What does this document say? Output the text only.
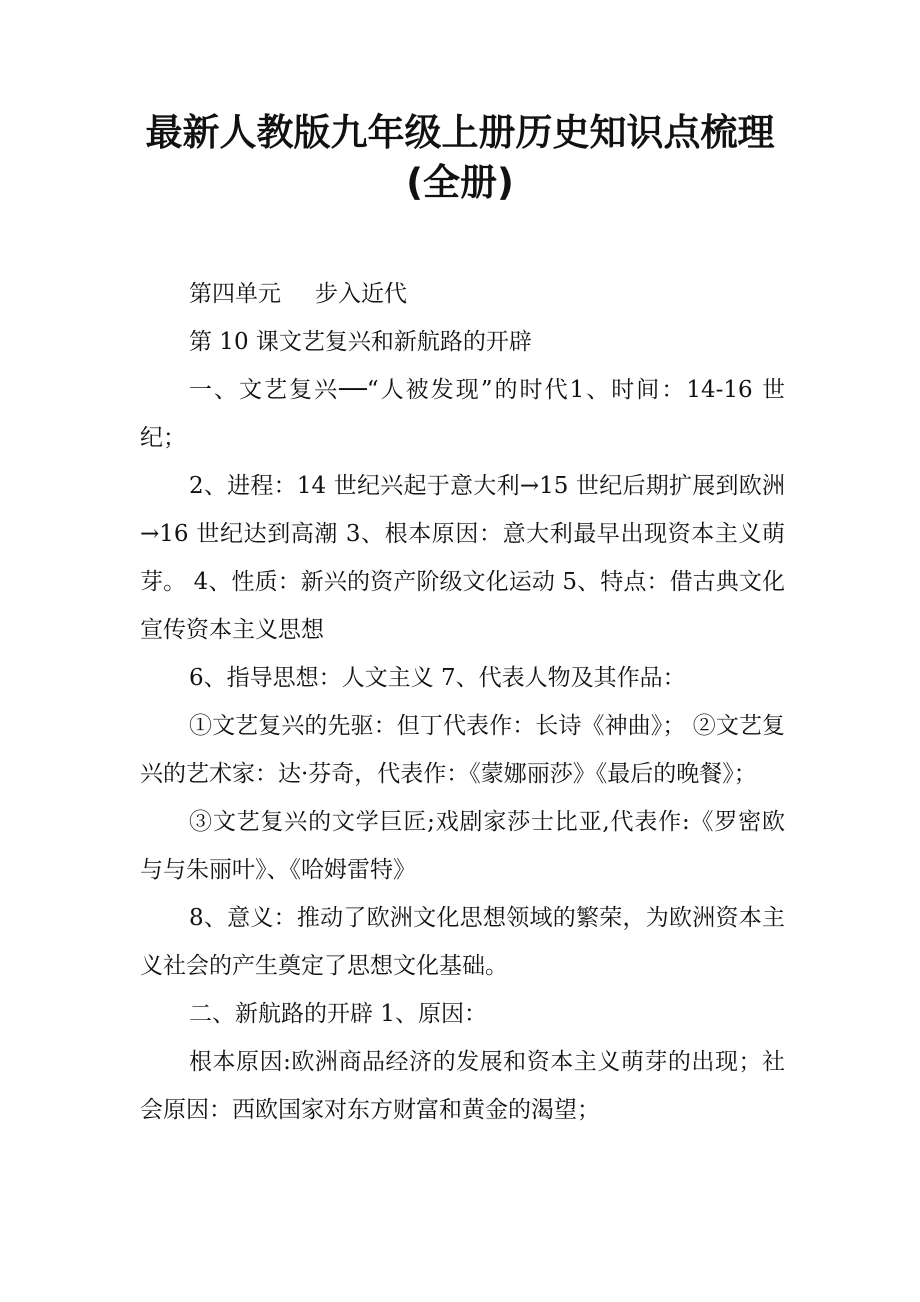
最新人教版九年级上册历史知识点梳理(全册)

第四单元 步入近代

第 10 课文艺复兴和新航路的开辟

一、文艺复兴──“人被发现”的时代1、时间：14-16 世纪；

2、进程：14 世纪兴起于意大利→15 世纪后期扩展到欧洲→16 世纪达到高潮 3、根本原因：意大利最早出现资本主义萌芽。 4、性质：新兴的资产阶级文化运动 5、特点：借古典文化宣传资本主义思想

6、指导思想：人文主义 7、代表人物及其作品：

①文艺复兴的先驱：但丁代表作：长诗《神曲》； ②文艺复兴的艺术家：达·芬奇，代表作：《蒙娜丽莎》《最后的晚餐》；

③文艺复兴的文学巨匠;戏剧家莎士比亚,代表作:《罗密欧与与朱丽叶》、《哈姆雷特》

8、意义：推动了欧洲文化思想领域的繁荣，为欧洲资本主义社会的产生奠定了思想文化基础。

二、新航路的开辟 1、原因：

根本原因:欧洲商品经济的发展和资本主义萌芽的出现；社会原因：西欧国家对东方财富和黄金的渴望；
